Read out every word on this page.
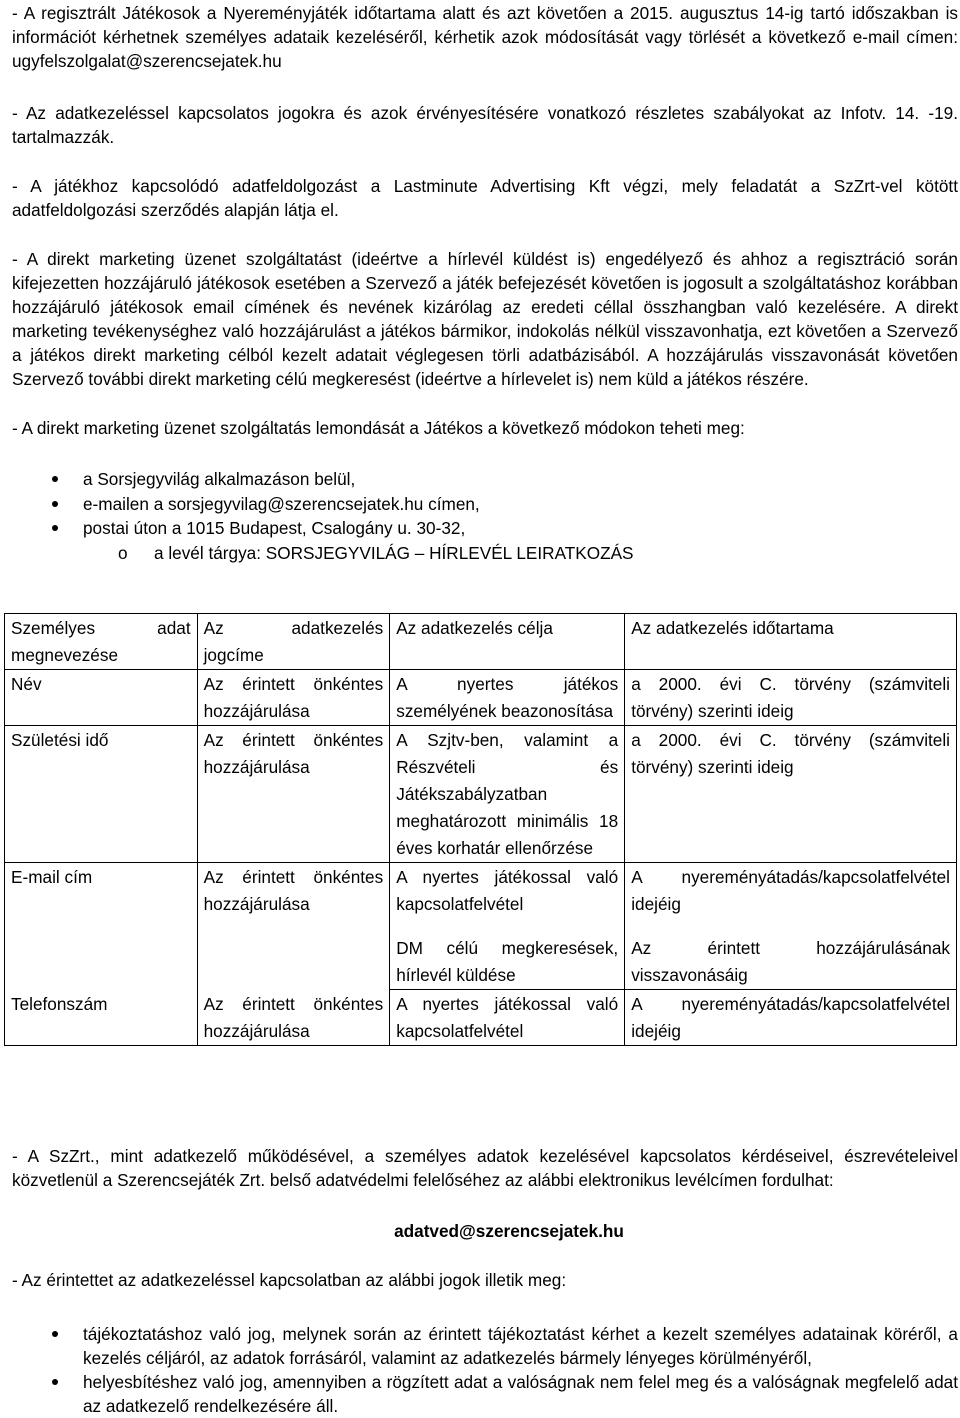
- A regisztrált Játékosok a Nyereményjáték időtartama alatt és azt követően a 2015. augusztus 14-ig tartó időszakban is információt kérhetnek személyes adataik kezeléséről, kérhetik azok módosítását vagy törlését a következő e-mail címen: ugyfelszolgalat@szerencsejatek.hu

- Az adatkezeléssel kapcsolatos jogokra és azok érvényesítésére vonatkozó részletes szabályokat az Infotv. 14. -19. tartalmazzák.

- A játékhoz kapcsolódó adatfeldolgozást a Lastminute Advertising Kft végzi, mely feladatát a SzZrt-vel kötött adatfeldolgozási szerződés alapján látja el.

- A direkt marketing üzenet szolgáltatást (ideértve a hírlevél küldést is) engedélyező és ahhoz a regisztráció során kifejezetten hozzájáruló játékosok esetében a Szervező a játék befejezését követően is jogosult a szolgáltatáshoz korábban hozzájáruló játékosok email címének és nevének kizárólag az eredeti céllal összhangban való kezelésére. A direkt marketing tevékenységhez való hozzájárulást a játékos bármikor, indokolás nélkül visszavonhatja, ezt követően a Szervező a játékos direkt marketing célból kezelt adatait véglegesen törli adatbázisából. A hozzájárulás visszavonását követően Szervező további direkt marketing célú megkeresést (ideértve a hírlevelet is) nem küld a játékos részére.

- A direkt marketing üzenet szolgáltatás lemondását a Játékos a következő módokon teheti meg:

a Sorsjegyvilág alkalmazáson belül,
e-mailen a sorsjegyvilag@szerencsejatek.hu címen,
postai úton a 1015 Budapest, Csalogány u. 30-32,
o a levél tárgya: SORSJEGYVILÁG – HÍRLEVÉL LEIRATKOZÁS
Személyes adat megnevezése	Az adatkezelés jogcíme	Az adatkezelés célja	Az adatkezelés időtartama
Név	Az érintett önkéntes hozzájárulása	A nyertes játékos személyének beazonosítása	a 2000. évi C. törvény (számviteli törvény) szerinti ideig
Születési idő	Az érintett önkéntes hozzájárulása	A Szjtv-ben, valamint a Részvételi és Játékszabályzatban meghatározott minimális 18 éves korhatár ellenőrzése	a 2000. évi C. törvény (számviteli törvény) szerinti ideig
E-mail cím	Az érintett önkéntes hozzájárulása	A nyertes játékossal való kapcsolatfelvétel	A nyereményátadás/kapcsolatfelvétel idejéig
		DM célú megkeresések, hírlevél küldése	Az érintett hozzájárulásának visszavonásáig
Telefonszám	Az érintett önkéntes hozzájárulása	A nyertes játékossal való kapcsolatfelvétel	A nyereményátadás/kapcsolatfelvétel idejéig

- A SzZrt., mint adatkezelő működésével, a személyes adatok kezelésével kapcsolatos kérdéseivel, észrevételeivel közvetlenül a Szerencsejáték Zrt. belső adatvédelmi felelőséhez az alábbi elektronikus levélcímen fordulhat:

adatved@szerencsejatek.hu

- Az érintettet az adatkezeléssel kapcsolatban az alábbi jogok illetik meg:

tájékoztatáshoz való jog, melynek során az érintett tájékoztatást kérhet a kezelt személyes adatainak köréről, a kezelés céljáról, az adatok forrásáról, valamint az adatkezelés bármely lényeges körülményéről,
helyesbítéshez való jog, amennyiben a rögzített adat a valóságnak nem felel meg és a valóságnak megfelelő adat az adatkezelő rendelkezésére áll.
